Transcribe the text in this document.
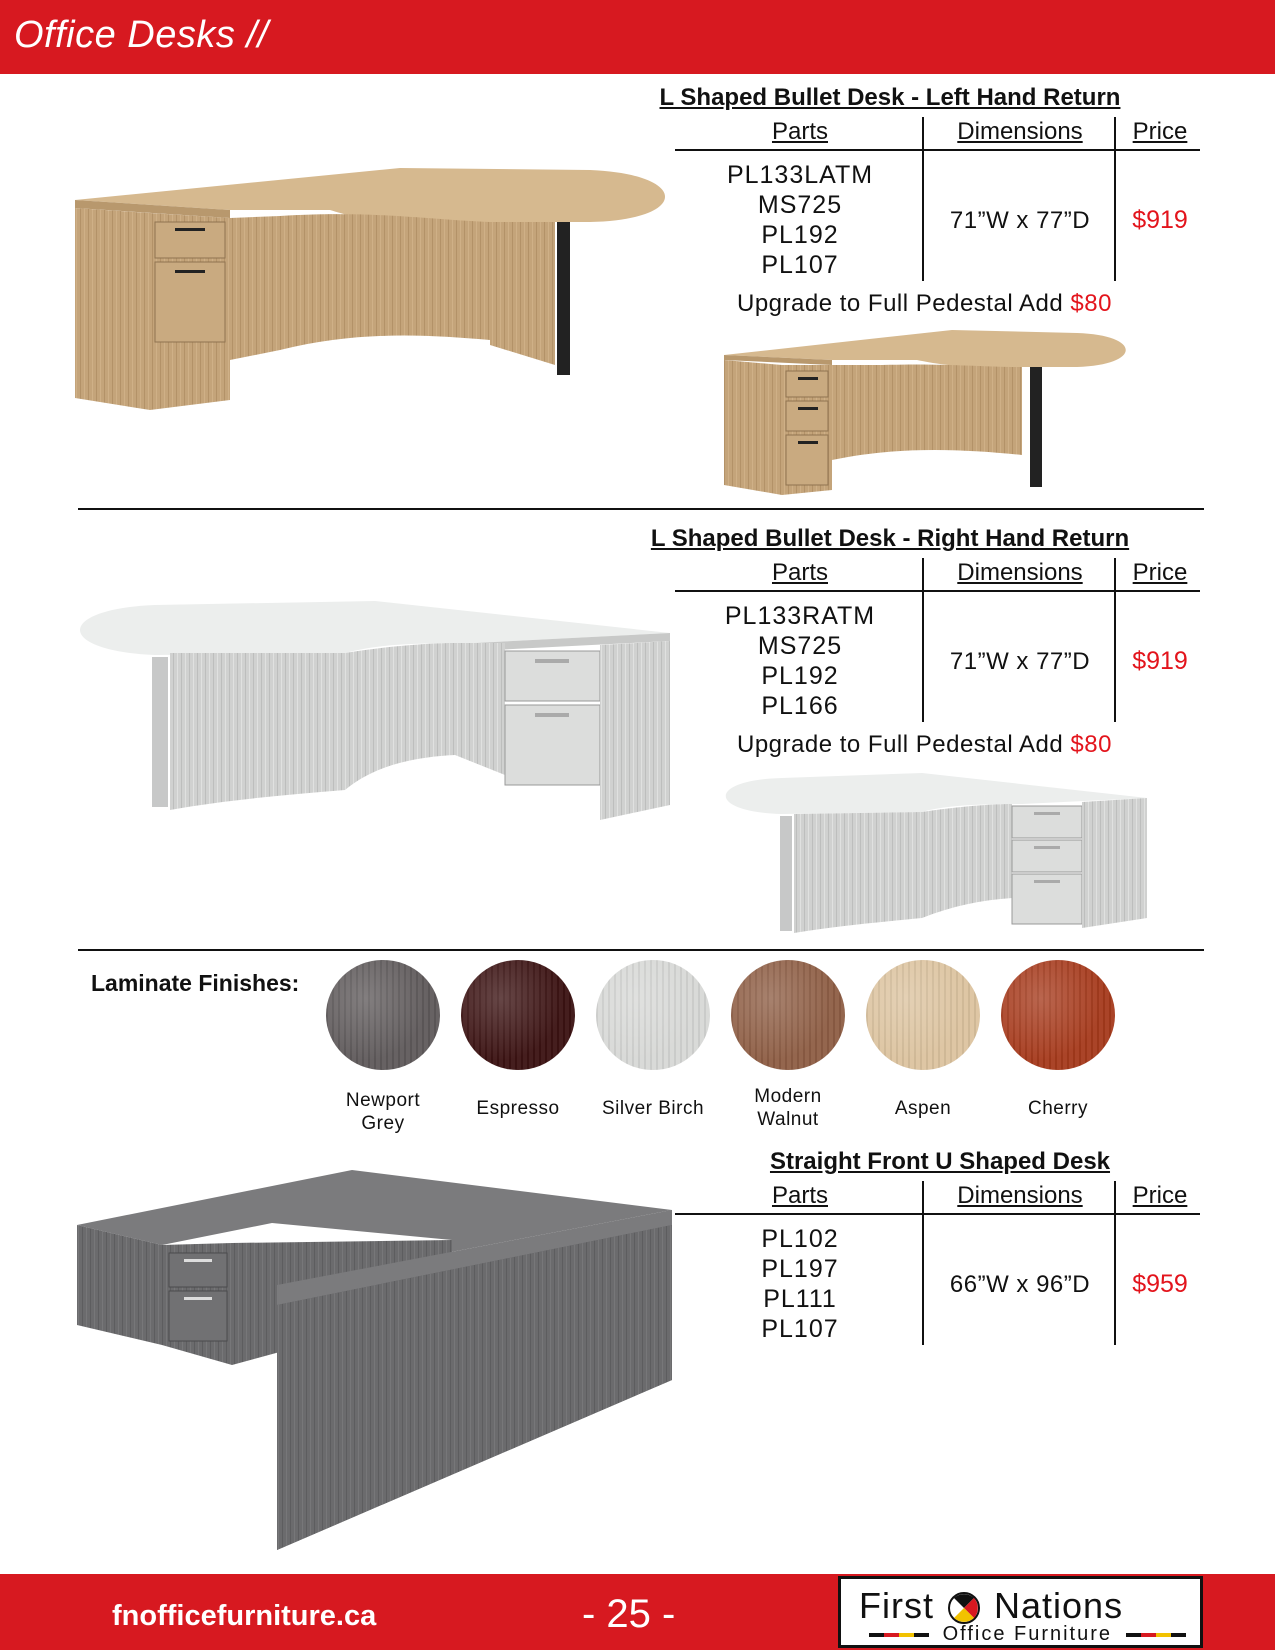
Office Desks //
L Shaped Bullet Desk - Left Hand Return
Parts	Dimensions	Price
PL133LATM
MS725
PL192
PL107
71”W x 77”D	$919
Upgrade to Full Pedestal Add $80
L Shaped Bullet Desk - Right Hand Return
Parts	Dimensions	Price
PL133RATM
MS725
PL192
PL166
71”W x 77”D	$919
Upgrade to Full Pedestal Add $80
Laminate Finishes:
Newport
Grey
Espresso	Silver Birch
Modern
Walnut
Aspen	Cherry
Straight Front U Shaped Desk
Parts	Dimensions	Price
PL102
PL197
PL111
PL107
66”W x 96”D	$959
fnofficefurniture.ca	- 25 -	First Nations
Office Furniture
